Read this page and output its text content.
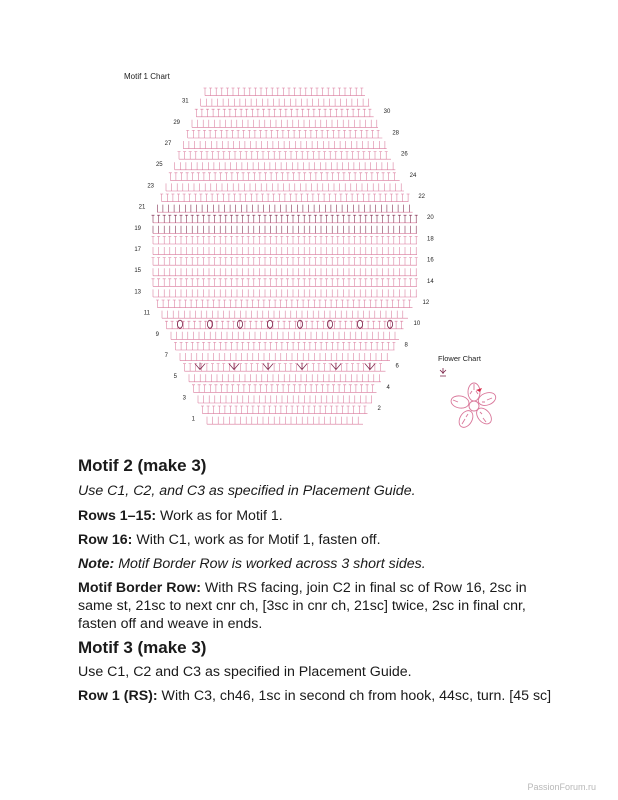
Motif 1 Chart
31
29
27
25
23
21
19
17
15
13
11
9
7
5
3
1
30
28
26
24
22
20
18
16
14
12
10
8
6
4
2
Flower Chart
Motif 2 (make 3)

Use C1, C2, and C3 as specified in Placement Guide.

Rows 1–15: Work as for Motif 1.

Row 16: With C1, work as for Motif 1, fasten off.

Note: Motif Border Row is worked across 3 short sides.

Motif Border Row: With RS facing, join C2 in final sc of Row 16, 2sc in same st, 21sc to next cnr ch, [3sc in cnr ch, 21sc] twice, 2sc in final cnr, fasten off and weave in ends.

Motif 3 (make 3)

Use C1, C2 and C3 as specified in Placement Guide.

Row 1 (RS): With C3, ch46, 1sc in second ch from hook, 44sc, turn. [45 sc]

PassionForum.ru
